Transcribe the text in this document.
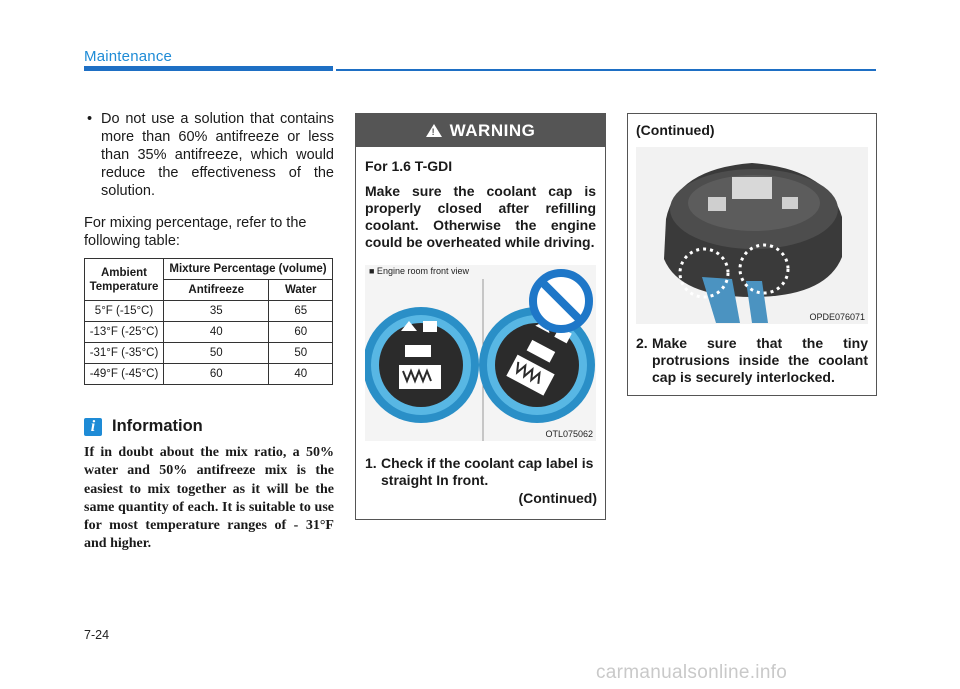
Maintenance

• Do not use a solution that contains more than 60% antifreeze or less than 35% antifreeze, which would reduce the effectiveness of the solution.

For mixing percentage, refer to the following table:

Ambient Temperature	Mixture Percentage (volume)	
	Antifreeze	Water
5°F (-15°C)	35	65
-13°F (-25°C)	40	60
-31°F (-35°C)	50	50
-49°F (-45°C)	60	40
i	Information

If in doubt about the mix ratio, a 50% water and 50% antifreeze mix is the easiest to mix together as it will be the same quantity of each. It is suitable to use for most temperature ranges of - 31°F and higher.

! WARNING

For 1.6 T-GDI

Make sure the coolant cap is properly closed after refilling coolant. Otherwise the engine could be overheated while driving.

■ Engine room front view
OTL075062
1. Check if the coolant cap label is straight In front.
(Continued)
(Continued)
OPDE076071
2. Make sure that the tiny protrusions inside the coolant cap is securely interlocked.
7-24
carmanualsonline.info
